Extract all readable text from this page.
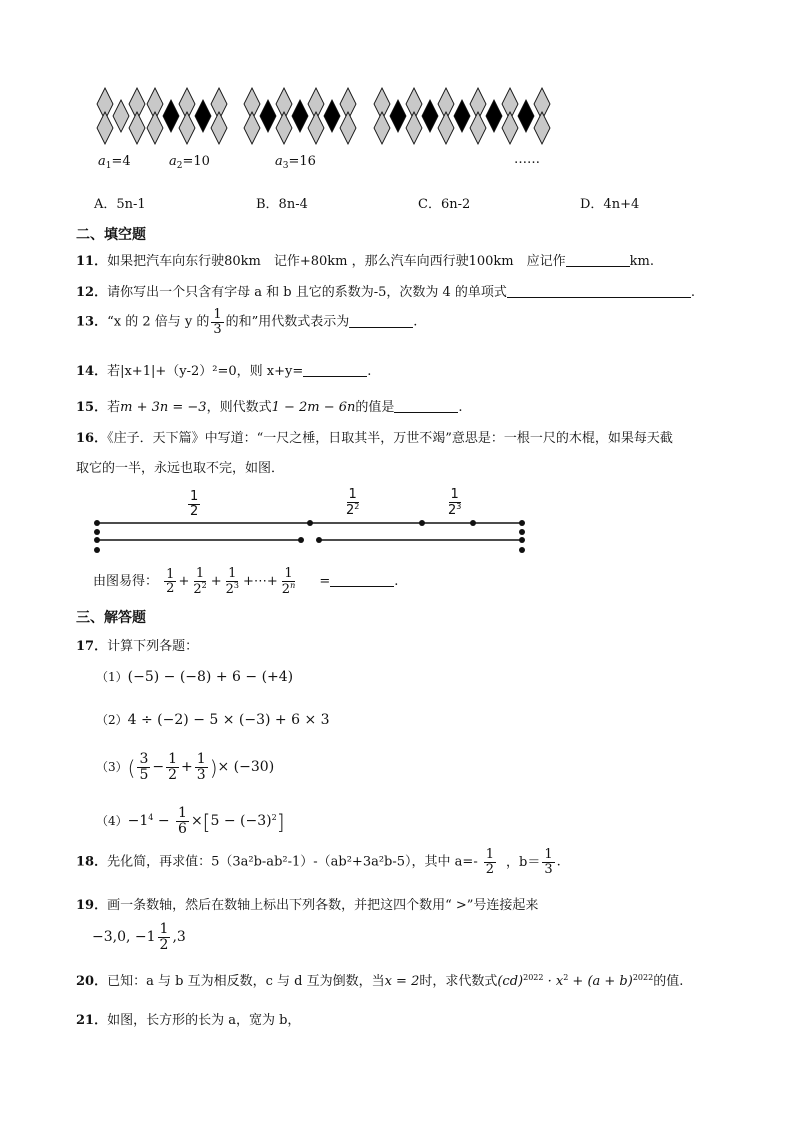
$a_1=4$	$a_2=10$	$a_3=16$	……
A．5n-1	B．8n-4	C．6n-2	D．4n+4
二、填空题
11．如果把汽车向东行驶80km　记作+80km ，那么汽车向西行驶100km　应记作	km.
12．请你写出一个只含有字母 a 和 b 且它的系数为-5，次数为 4 的单项式	.
13．“x 的 2 倍与 y 的 $\frac{1}{3}$ 的和”用代数式表示为	.
14．若|x+1|+（y-2）²=0，则 x+y=	.
15．若m + 3n = −3，则代数式1 − 2m − 6n的值是	.
16．《庄子．天下篇》中写道：“一尺之棰，日取其半，万世不竭”意思是：一根一尺的木棍，如果每天截
取它的一半，永远也取不完，如图．
$\frac{1}{2}$	$\frac{1}{2^2}$	$\frac{1}{2^3}$
由图易得： $\frac{1}{2} + \frac{1}{2^2} + \frac{1}{2^3}$ +⋯+ $\frac{1}{2^n}$ =	.
三、解答题
17．计算下列各题：
（1）(−5) − (−8) + 6 − (+4)
（2）4 ÷ (−2) − 5 × (−3) + 6 × 3
$(3)( \frac{3}{5} - \frac{1}{2} + \frac{1}{3}$ )× (−30)
$(4)-1^4 - \frac{1}{6} \times[5 - (-3)^2]$
18．先化简，再求值：5（3a²b-ab²-1）-（ab²+3a²b-5），其中 $a=- \frac{1}{2}$ ，$b= \frac{1}{3}$ .
19．画一条数轴，然后在数轴上标出下列各数，并把这四个数用“ >”号连接起来
−3,0, $-1 \frac{1}{2} ,3$
20．已知：a 与 b 互为相反数，c 与 d 互为倒数，当x = 2时，求代数式$(cd)^{2022} \cdot x^2 + (a + b)^{2022}$的值.
21．如图，长方形的长为 a，宽为 b，
